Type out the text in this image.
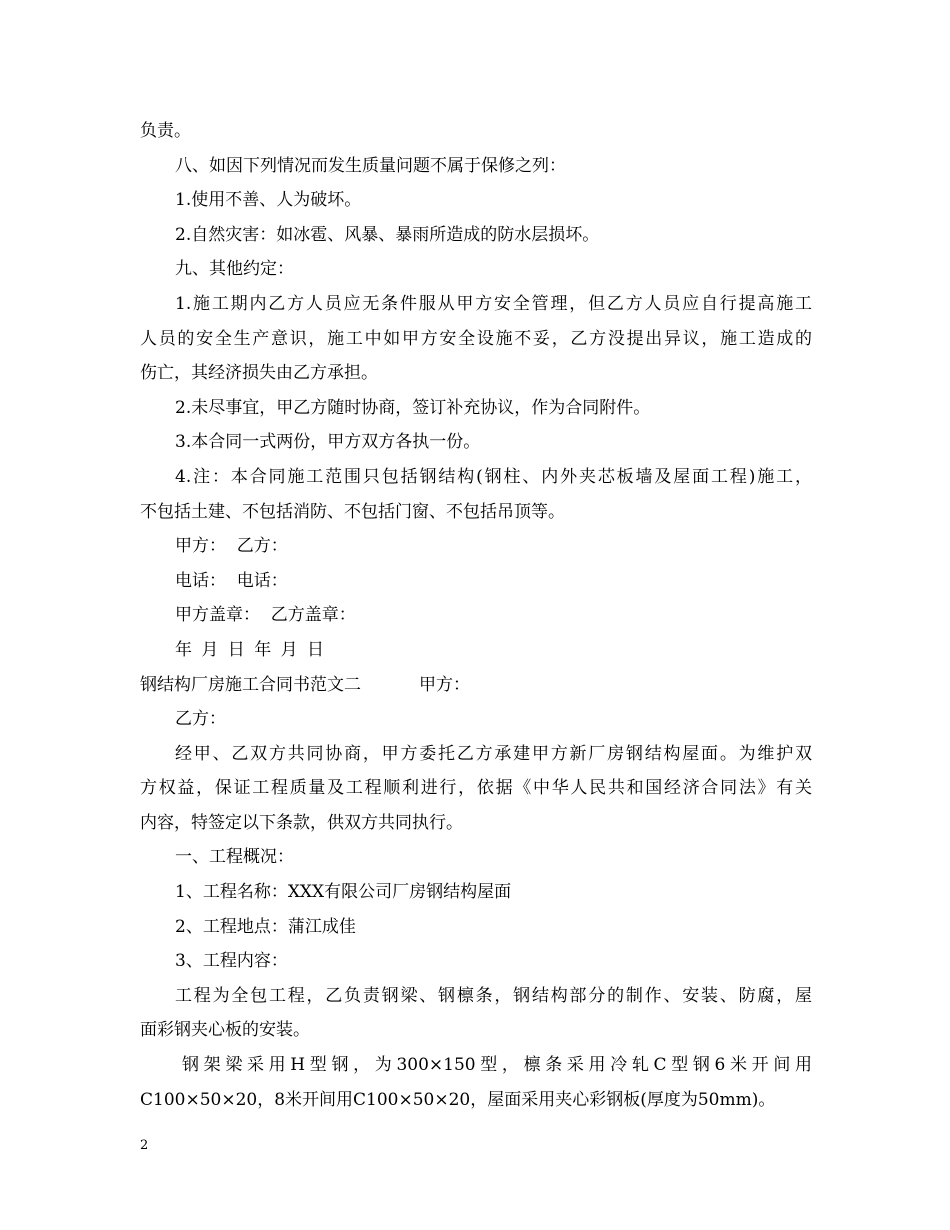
负责。
八、如因下列情况而发生质量问题不属于保修之列：
1.使用不善、人为破坏。
2.自然灾害：如冰雹、风暴、暴雨所造成的防水层损坏。
九、其他约定：
1.施工期内乙方人员应无条件服从甲方安全管理，但乙方人员应自行提高施工
人员的安全生产意识，施工中如甲方安全设施不妥，乙方没提出异议，施工造成的
伤亡，其经济损失由乙方承担。
2.未尽事宜，甲乙方随时协商，签订补充协议，作为合同附件。
3.本合同一式两份，甲方双方各执一份。
4.注：本合同施工范围只包括钢结构(钢柱、内外夹芯板墙及屋面工程)施工，
不包括土建、不包括消防、不包括门窗、不包括吊顶等。
甲方：  乙方：
电话：  电话：
甲方盖章：  乙方盖章：
年 月 日 年 月 日
钢结构厂房施工合同书范文二	甲方：
乙方：
经甲、乙双方共同协商，甲方委托乙方承建甲方新厂房钢结构屋面。为维护双
方权益，保证工程质量及工程顺利进行，依据《中华人民共和国经济合同法》有关
内容，特签定以下条款，供双方共同执行。
一、工程概况：
1、工程名称：XXX有限公司厂房钢结构屋面
2、工程地点：蒲江成佳
3、工程内容：
工程为全包工程，乙负责钢梁、钢檩条，钢结构部分的制作、安装、防腐，屋
面彩钢夹心板的安装。
钢架梁采用H型钢，为300×150型，檩条采用冷轧C型钢6米开间用
C100×50×20，8米开间用C100×50×20，屋面采用夹心彩钢板(厚度为50mm)。
2
